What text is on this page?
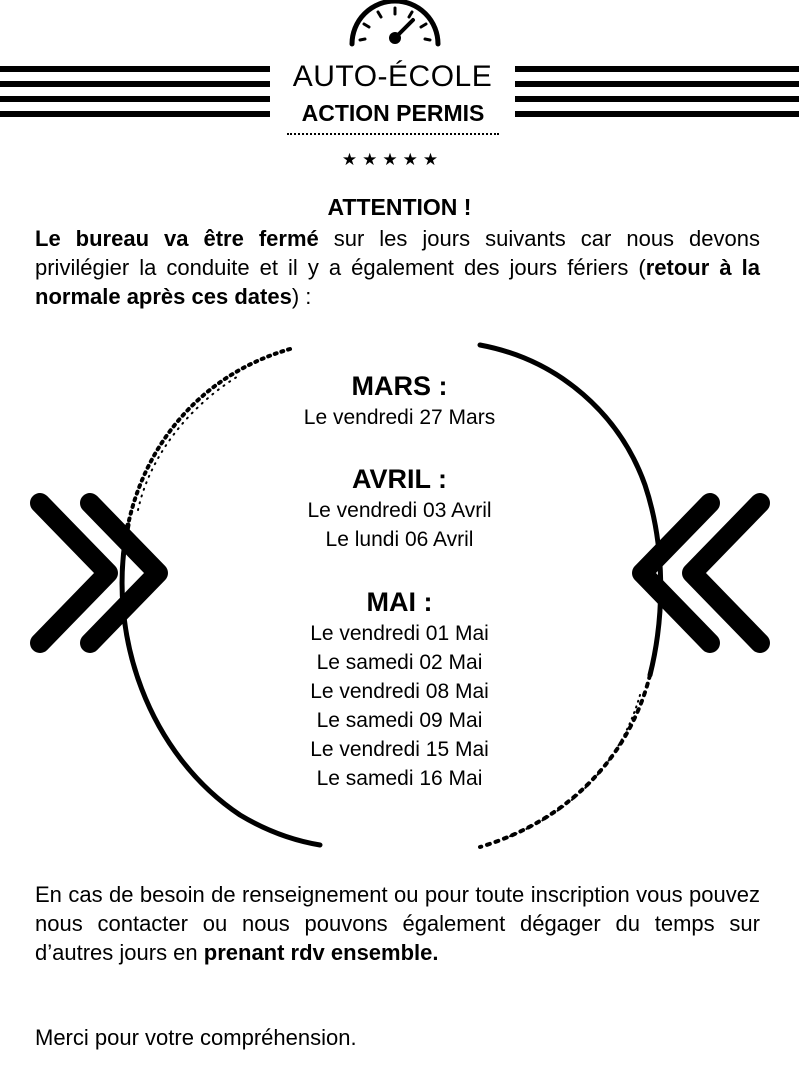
AUTO-ÉCOLE
ACTION PERMIS
★★★★★
ATTENTION !
Le bureau va être fermé sur les jours suivants car nous devons privilégier la conduite et il y a également des jours fériers (retour à la normale après ces dates) :
MARS :
Le vendredi 27 Mars
AVRIL :
Le vendredi 03 Avril
Le lundi 06 Avril
MAI :
Le vendredi 01 Mai
Le samedi 02 Mai
Le vendredi 08 Mai
Le samedi 09 Mai
Le vendredi 15 Mai
Le samedi 16 Mai
En cas de besoin de renseignement ou pour toute inscription vous pouvez nous contacter ou nous pouvons également dégager du temps sur d’autres jours en prenant rdv ensemble.
Merci pour votre compréhension.
